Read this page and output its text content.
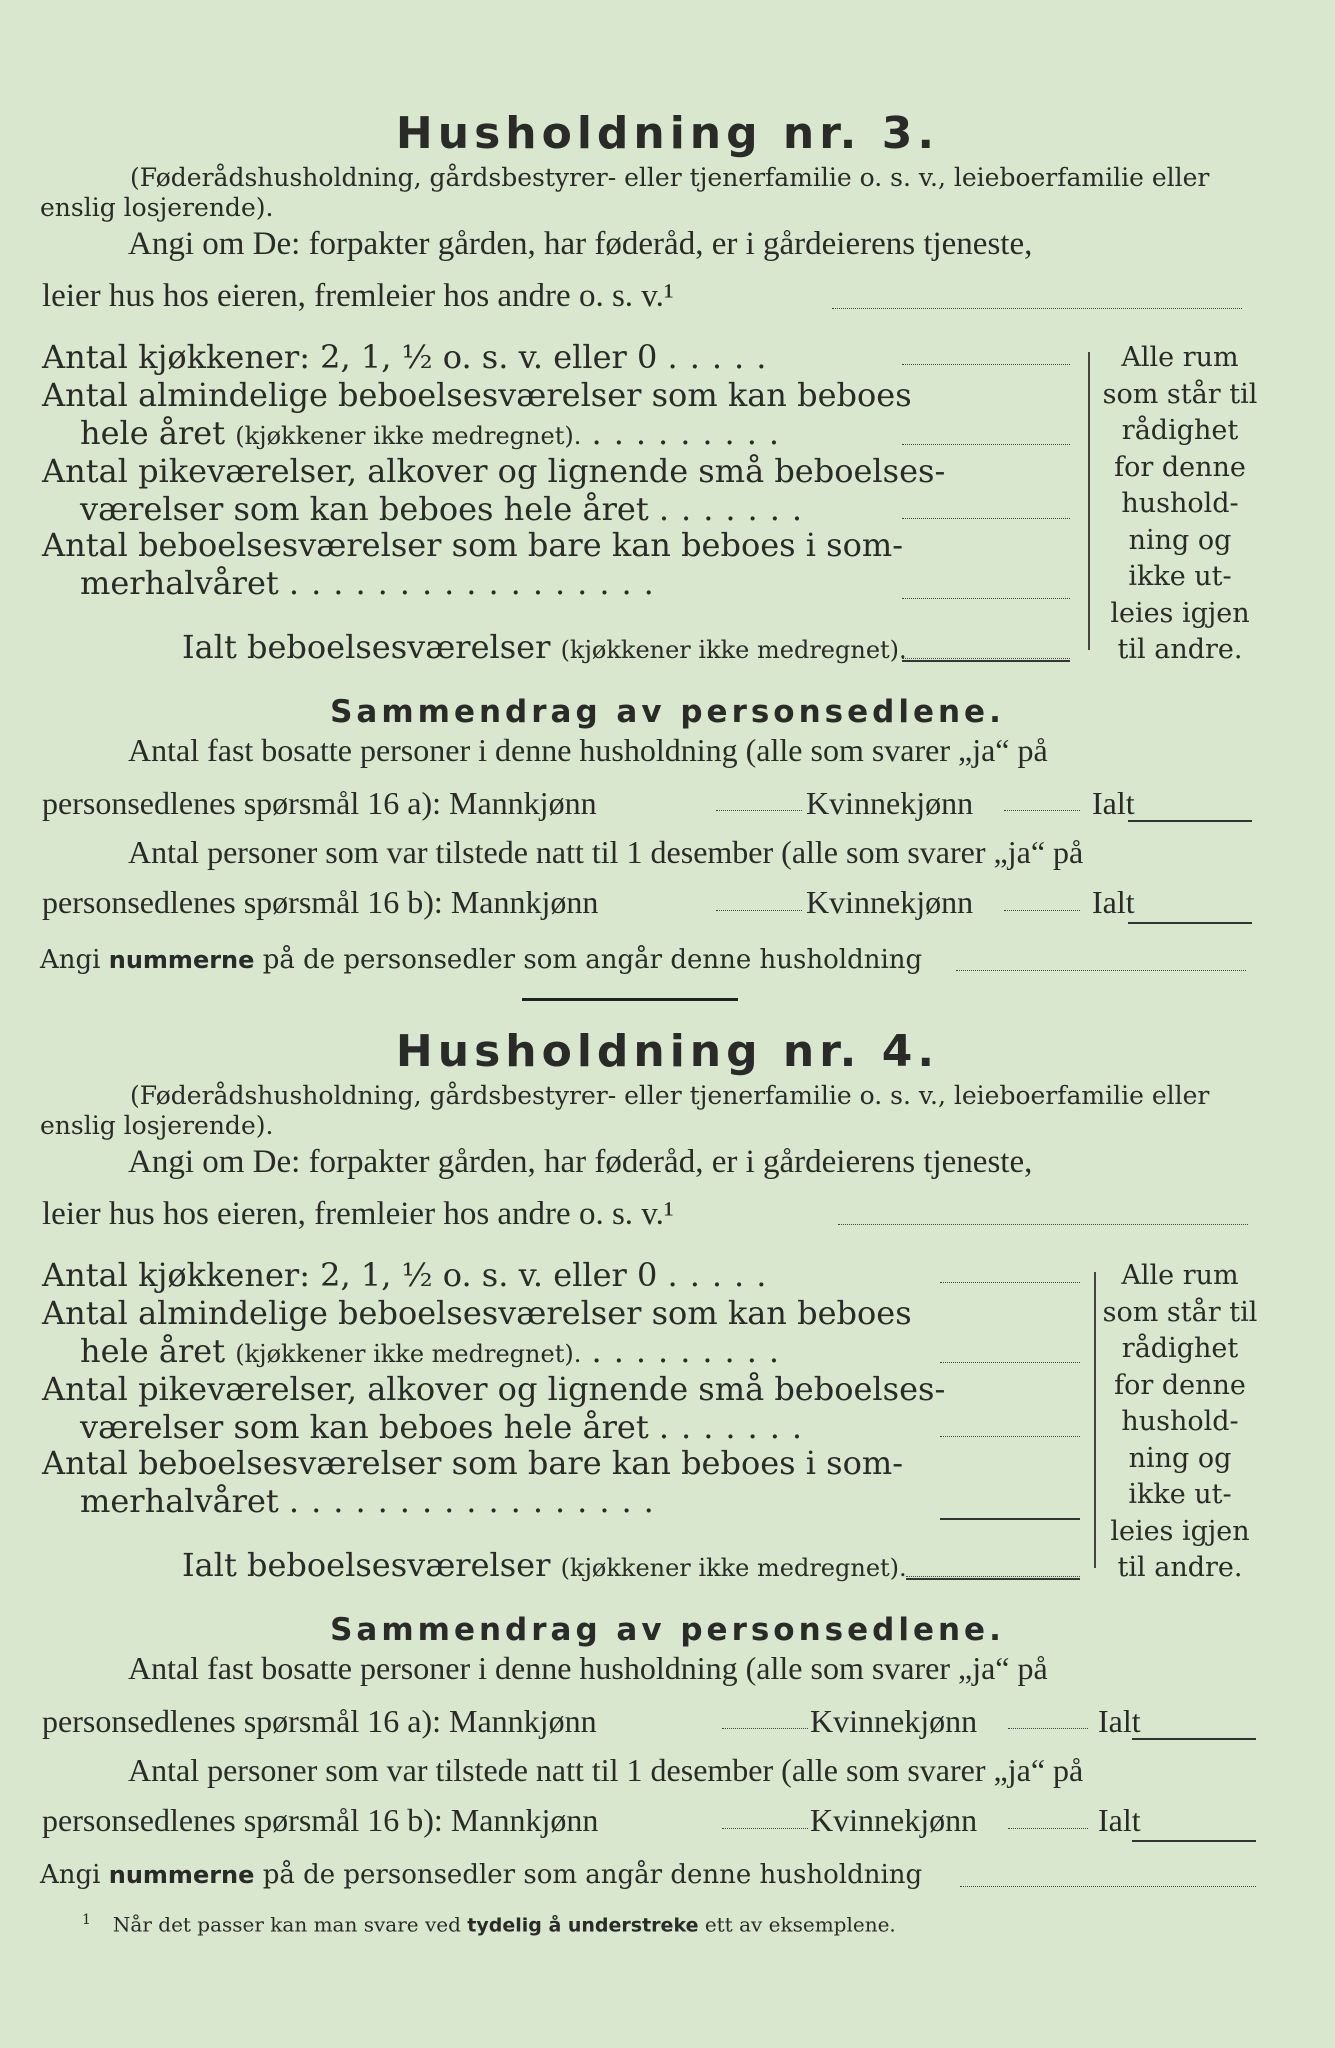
Husholdning nr. 3.
(Føderådshusholdning, gårdsbestyrer- eller tjenerfamilie o. s. v., leieboerfamilie eller enslig losjerende).
Angi om De: forpakter gården, har føderåd, er i gårdeierens tjeneste,
leier hus hos eieren, fremleier hos andre o. s. v.¹
Antal kjøkkener: 2, 1, ½ o. s. v. eller 0 .....
Antal almindelige beboelsesværelser som kan beboes
hele året (kjøkkener ikke medregnet). .........
Antal pikeværelser, alkover og lignende små beboelses-
værelser som kan beboes hele året .......
Antal beboelsesværelser som bare kan beboes i som-
merhalvåret .................
Ialt beboelsesværelser (kjøkkener ikke medregnet).
Alle rum
som står til
rådighet
for denne
hushold-
ning og
ikke ut-
leies igjen
til andre.
Sammendrag av personsedlene.
Antal fast bosatte personer i denne husholdning (alle som svarer „ja“ på
personsedlenes spørsmål 16 a): Mannkjønn	Kvinnekjønn	Ialt
Antal personer som var tilstede natt til 1 desember (alle som svarer „ja“ på
personsedlenes spørsmål 16 b): Mannkjønn	Kvinnekjønn	Ialt
Angi nummerne på de personsedler som angår denne husholdning
Husholdning nr. 4.
(Føderådshusholdning, gårdsbestyrer- eller tjenerfamilie o. s. v., leieboerfamilie eller enslig losjerende).
Angi om De: forpakter gården, har føderåd, er i gårdeierens tjeneste,
leier hus hos eieren, fremleier hos andre o. s. v.¹
Antal kjøkkener: 2, 1, ½ o. s. v. eller 0 .....
Antal almindelige beboelsesværelser som kan beboes
hele året (kjøkkener ikke medregnet). .........
Antal pikeværelser, alkover og lignende små beboelses-
værelser som kan beboes hele året .......
Antal beboelsesværelser som bare kan beboes i som-
merhalvåret .................
Ialt beboelsesværelser (kjøkkener ikke medregnet).
Alle rum
som står til
rådighet
for denne
hushold-
ning og
ikke ut-
leies igjen
til andre.
Sammendrag av personsedlene.
Antal fast bosatte personer i denne husholdning (alle som svarer „ja“ på
personsedlenes spørsmål 16 a): Mannkjønn	Kvinnekjønn	Ialt
Antal personer som var tilstede natt til 1 desember (alle som svarer „ja“ på
personsedlenes spørsmål 16 b): Mannkjønn	Kvinnekjønn	Ialt
Angi nummerne på de personsedler som angår denne husholdning
$^1$ Når det passer kan man svare ved tydelig å understreke ett av eksemplene.
